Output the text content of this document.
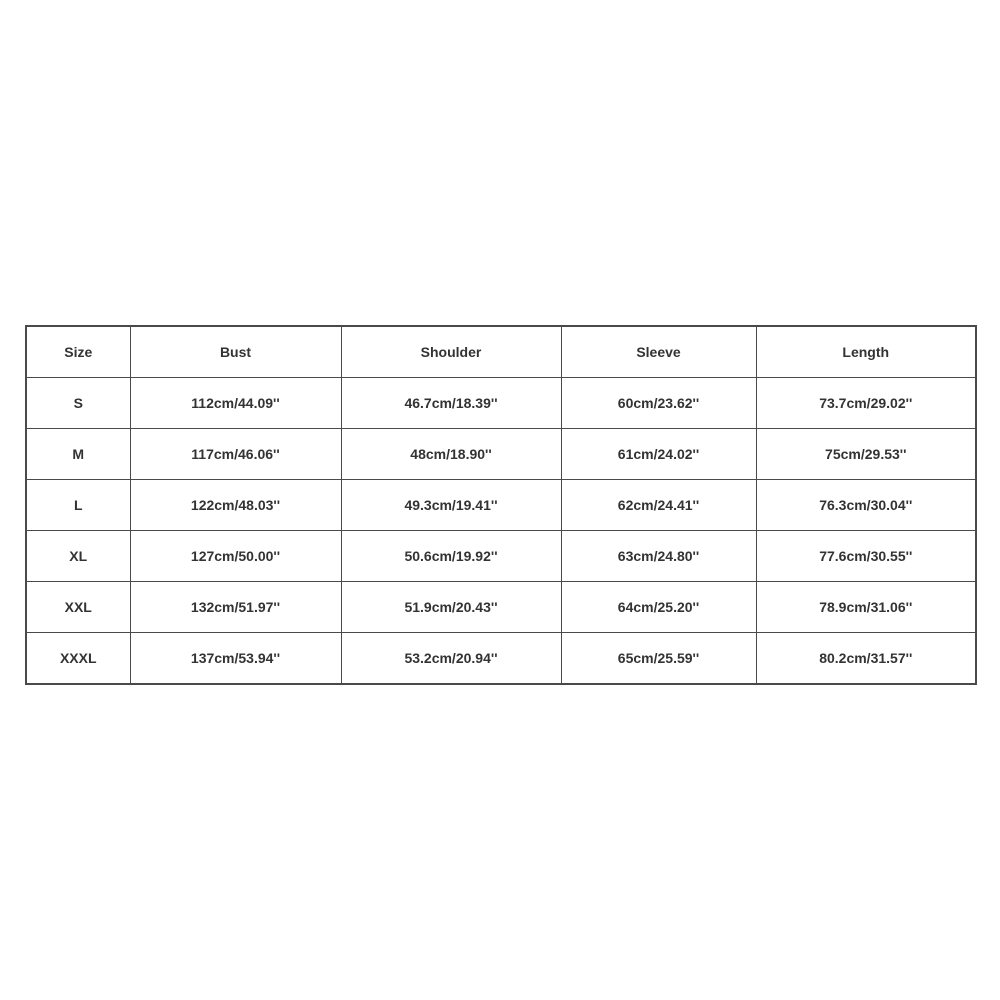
Size	Bust	Shoulder	Sleeve	Length
S	112cm/44.09''	46.7cm/18.39''	60cm/23.62''	73.7cm/29.02''
M	117cm/46.06''	48cm/18.90''	61cm/24.02''	75cm/29.53''
L	122cm/48.03''	49.3cm/19.41''	62cm/24.41''	76.3cm/30.04''
XL	127cm/50.00''	50.6cm/19.92''	63cm/24.80''	77.6cm/30.55''
XXL	132cm/51.97''	51.9cm/20.43''	64cm/25.20''	78.9cm/31.06''
XXXL	137cm/53.94''	53.2cm/20.94''	65cm/25.59''	80.2cm/31.57''
